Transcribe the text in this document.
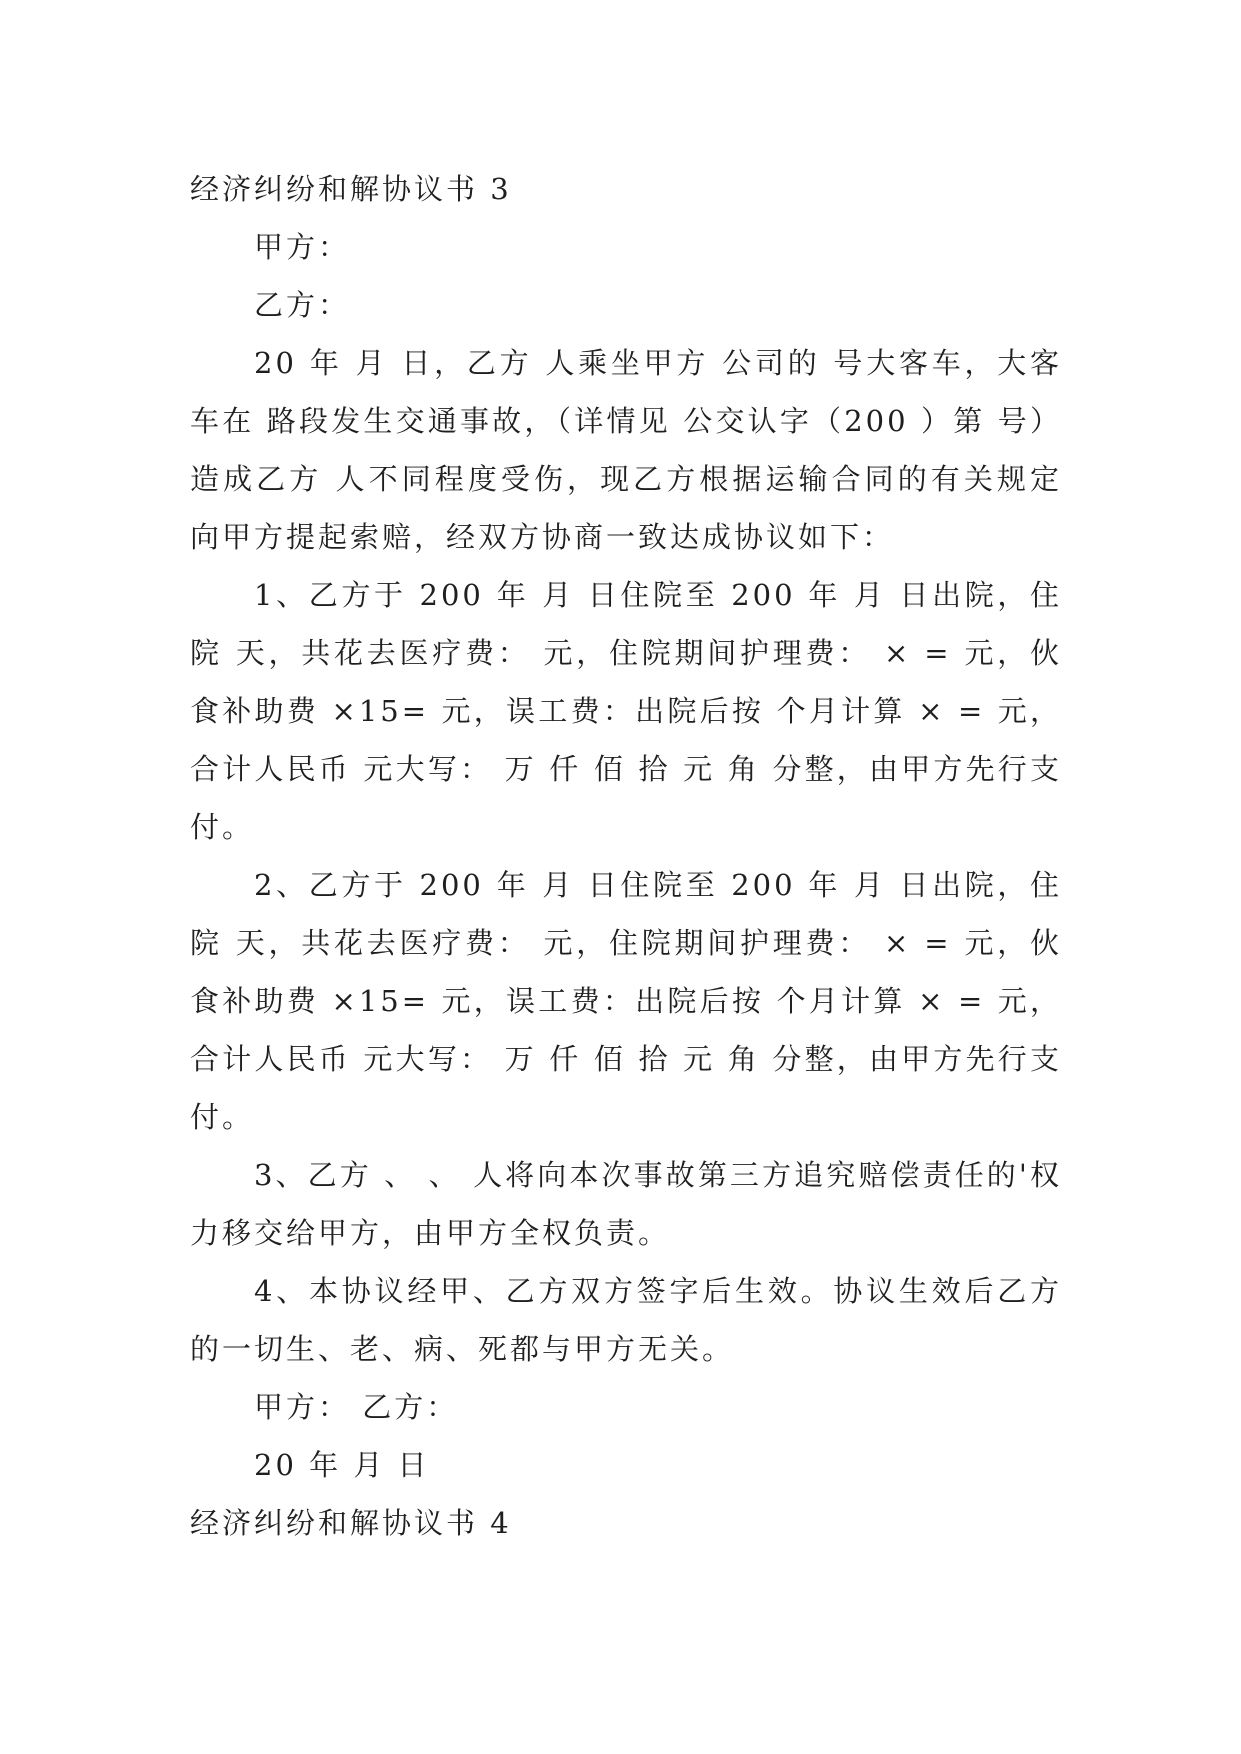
经济纠纷和解协议书 3

甲方：

乙方：

20 年 月 日，乙方 人乘坐甲方 公司的 号大客车，大客车在 路段发生交通事故，（详情见 公交认字（200 ）第 号）造成乙方 人不同程度受伤，现乙方根据运输合同的有关规定向甲方提起索赔，经双方协商一致达成协议如下：

1、乙方于 200 年 月 日住院至 200 年 月 日出院，住院 天，共花去医疗费： 元，住院期间护理费： × = 元，伙食补助费 ×15= 元，误工费：出院后按 个月计算 × = 元，合计人民币 元大写： 万 仟 佰 拾 元 角 分整，由甲方先行支付。

2、乙方于 200 年 月 日住院至 200 年 月 日出院，住院 天，共花去医疗费： 元，住院期间护理费： × = 元，伙食补助费 ×15= 元，误工费：出院后按 个月计算 × = 元，合计人民币 元大写： 万 仟 佰 拾 元 角 分整，由甲方先行支付。

3、乙方 、 、 人将向本次事故第三方追究赔偿责任的'权力移交给甲方，由甲方全权负责。

4、本协议经甲、乙方双方签字后生效。协议生效后乙方的一切生、老、病、死都与甲方无关。

甲方： 乙方：

20 年 月 日

经济纠纷和解协议书 4
